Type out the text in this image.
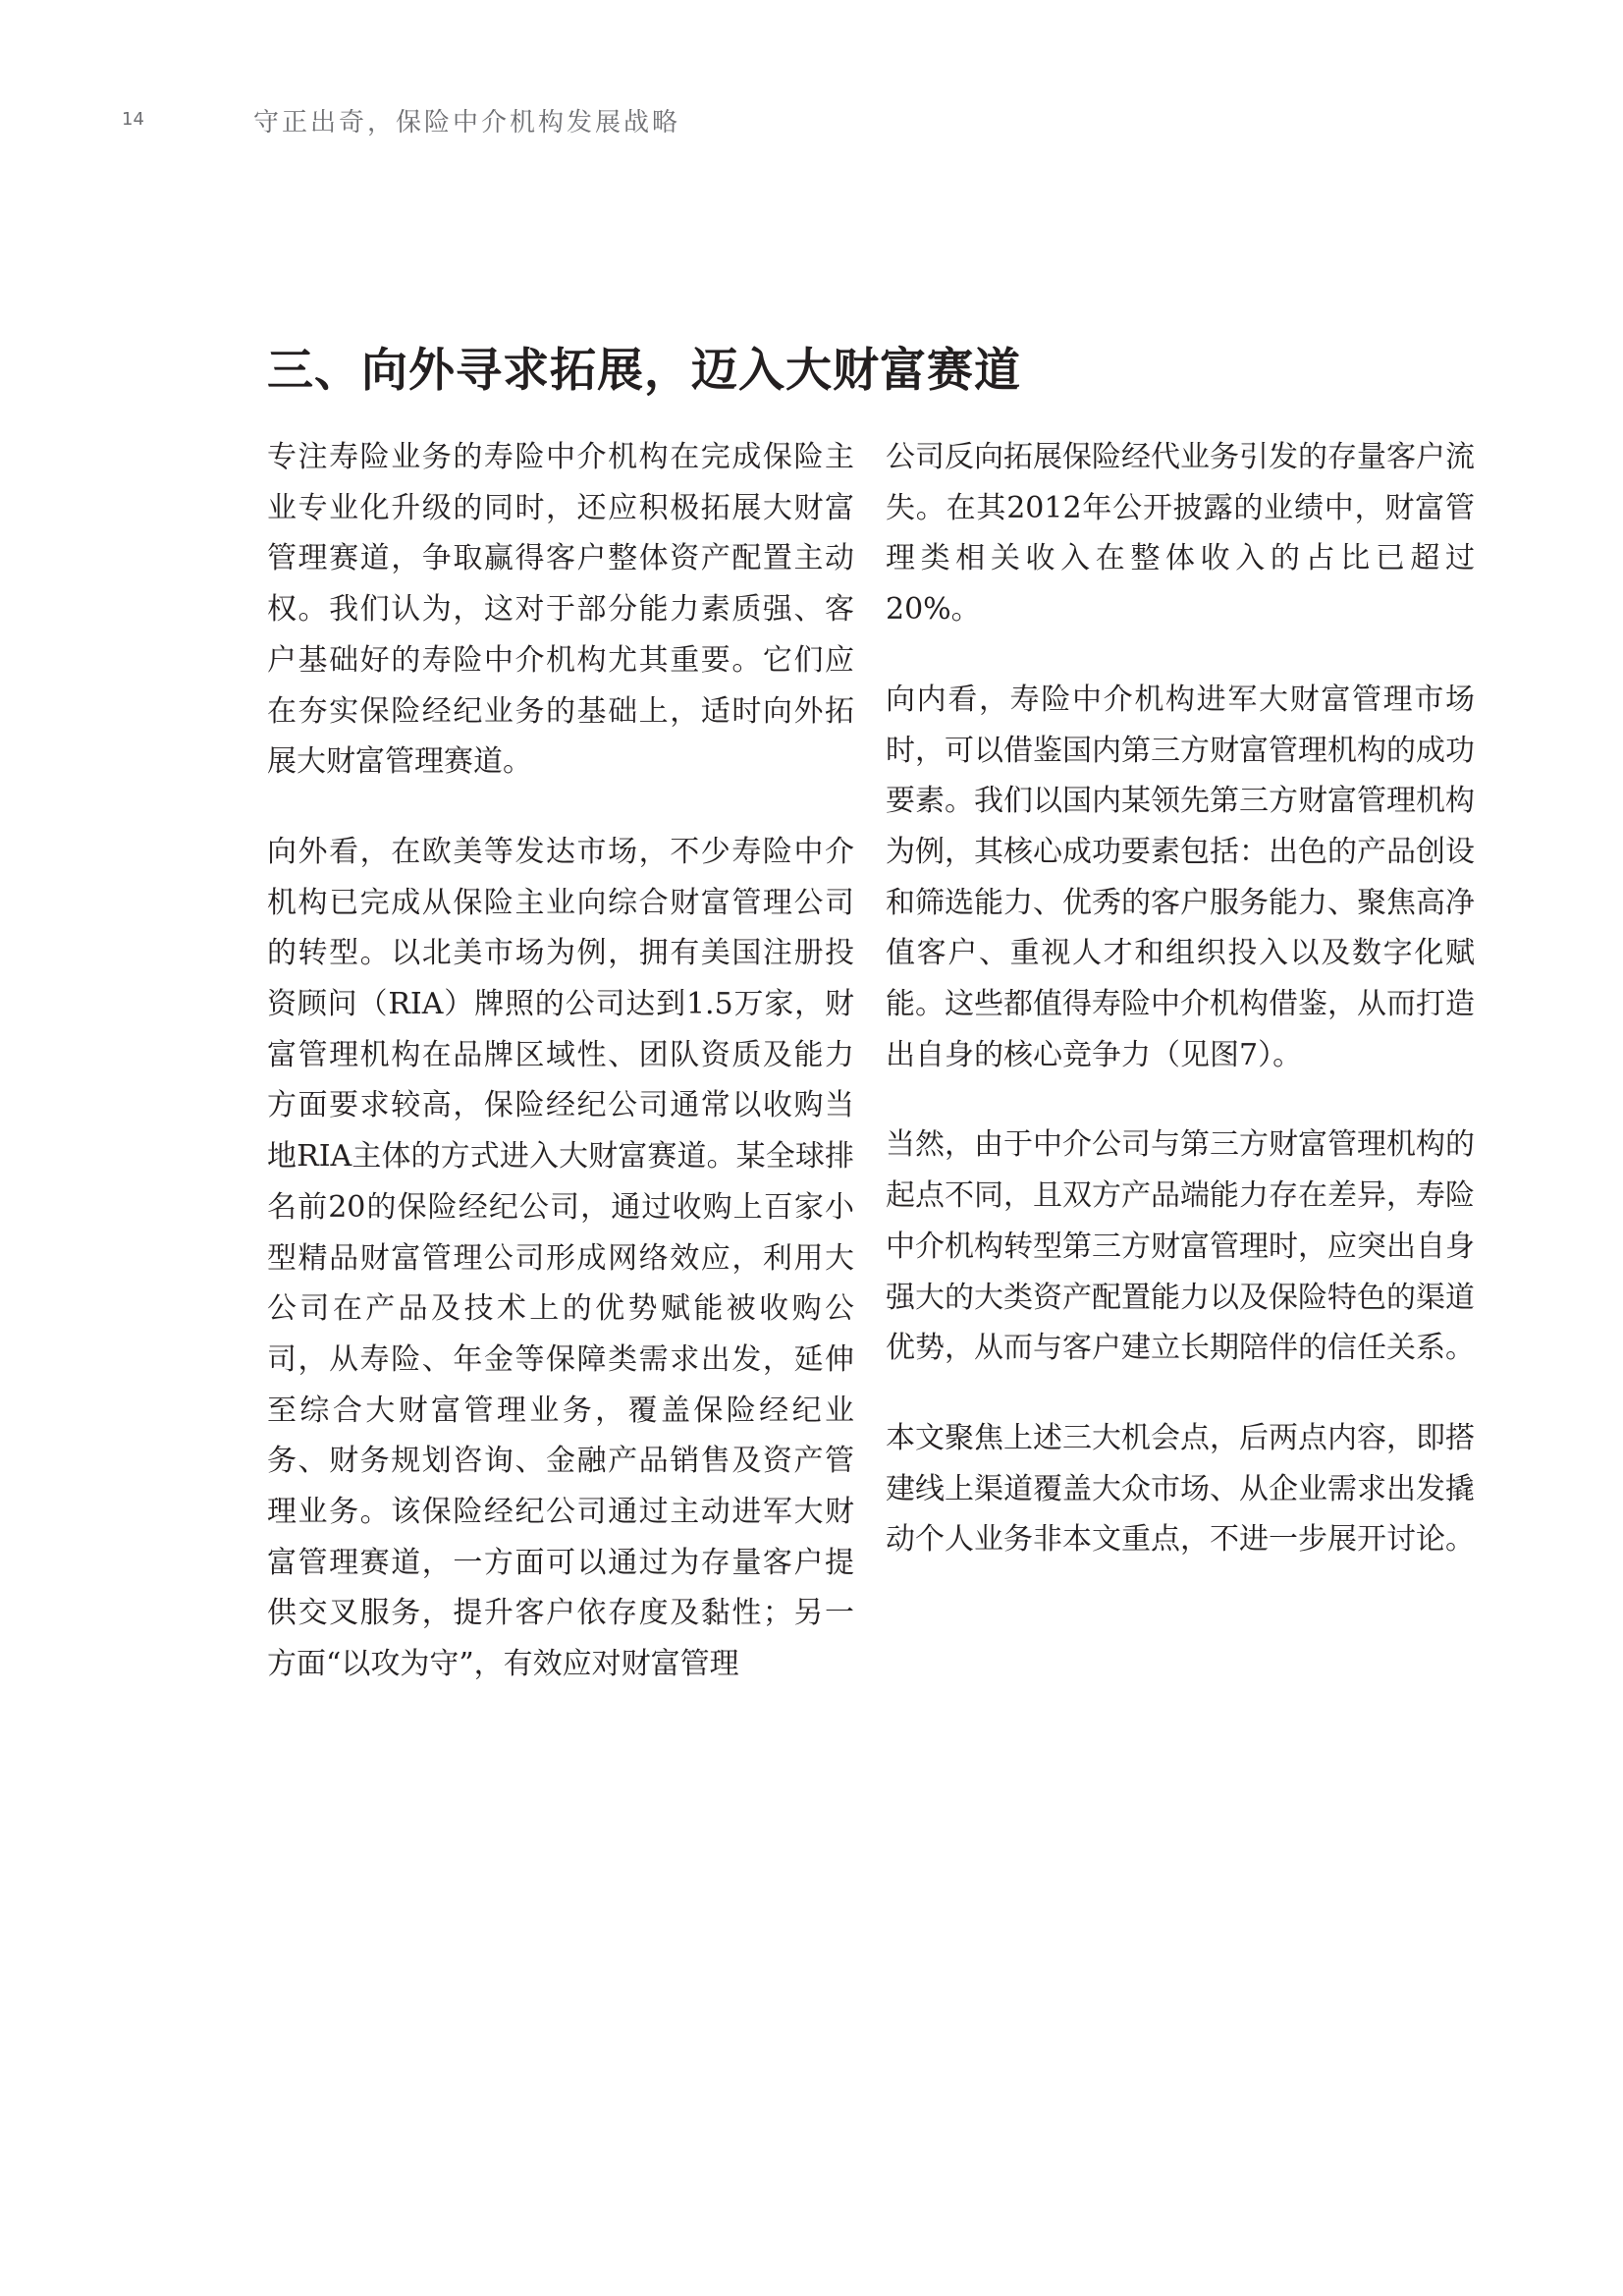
14	守正出奇，保险中介机构发展战略
三、向外寻求拓展，迈入大财富赛道

专注寿险业务的寿险中介机构在完成保险主业专业化升级的同时，还应积极拓展大财富管理赛道，争取赢得客户整体资产配置主动权。我们认为，这对于部分能力素质强、客户基础好的寿险中介机构尤其重要。它们应在夯实保险经纪业务的基础上，适时向外拓展大财富管理赛道。

向外看，在欧美等发达市场，不少寿险中介机构已完成从保险主业向综合财富管理公司的转型。以北美市场为例，拥有美国注册投资顾问（RIA）牌照的公司达到1.5万家，财富管理机构在品牌区域性、团队资质及能力方面要求较高，保险经纪公司通常以收购当地RIA主体的方式进入大财富赛道。某全球排名前20的保险经纪公司，通过收购上百家小型精品财富管理公司形成网络效应，利用大公司在产品及技术上的优势赋能被收购公司，从寿险、年金等保障类需求出发，延伸至综合大财富管理业务，覆盖保险经纪业务、财务规划咨询、金融产品销售及资产管理业务。该保险经纪公司通过主动进军大财富管理赛道，一方面可以通过为存量客户提供交叉服务，提升客户依存度及黏性；另一方面“以攻为守”，有效应对财富管理

公司反向拓展保险经代业务引发的存量客户流失。在其2012年公开披露的业绩中，财富管理类相关收入在整体收入的占比已超过20%。

向内看，寿险中介机构进军大财富管理市场时，可以借鉴国内第三方财富管理机构的成功要素。我们以国内某领先第三方财富管理机构为例，其核心成功要素包括：出色的产品创设和筛选能力、优秀的客户服务能力、聚焦高净值客户、重视人才和组织投入以及数字化赋能。这些都值得寿险中介机构借鉴，从而打造出自身的核心竞争力（见图7）。

当然，由于中介公司与第三方财富管理机构的起点不同，且双方产品端能力存在差异，寿险中介机构转型第三方财富管理时，应突出自身强大的大类资产配置能力以及保险特色的渠道优势，从而与客户建立长期陪伴的信任关系。

本文聚焦上述三大机会点，后两点内容，即搭建线上渠道覆盖大众市场、从企业需求出发撬动个人业务非本文重点，不进一步展开讨论。
